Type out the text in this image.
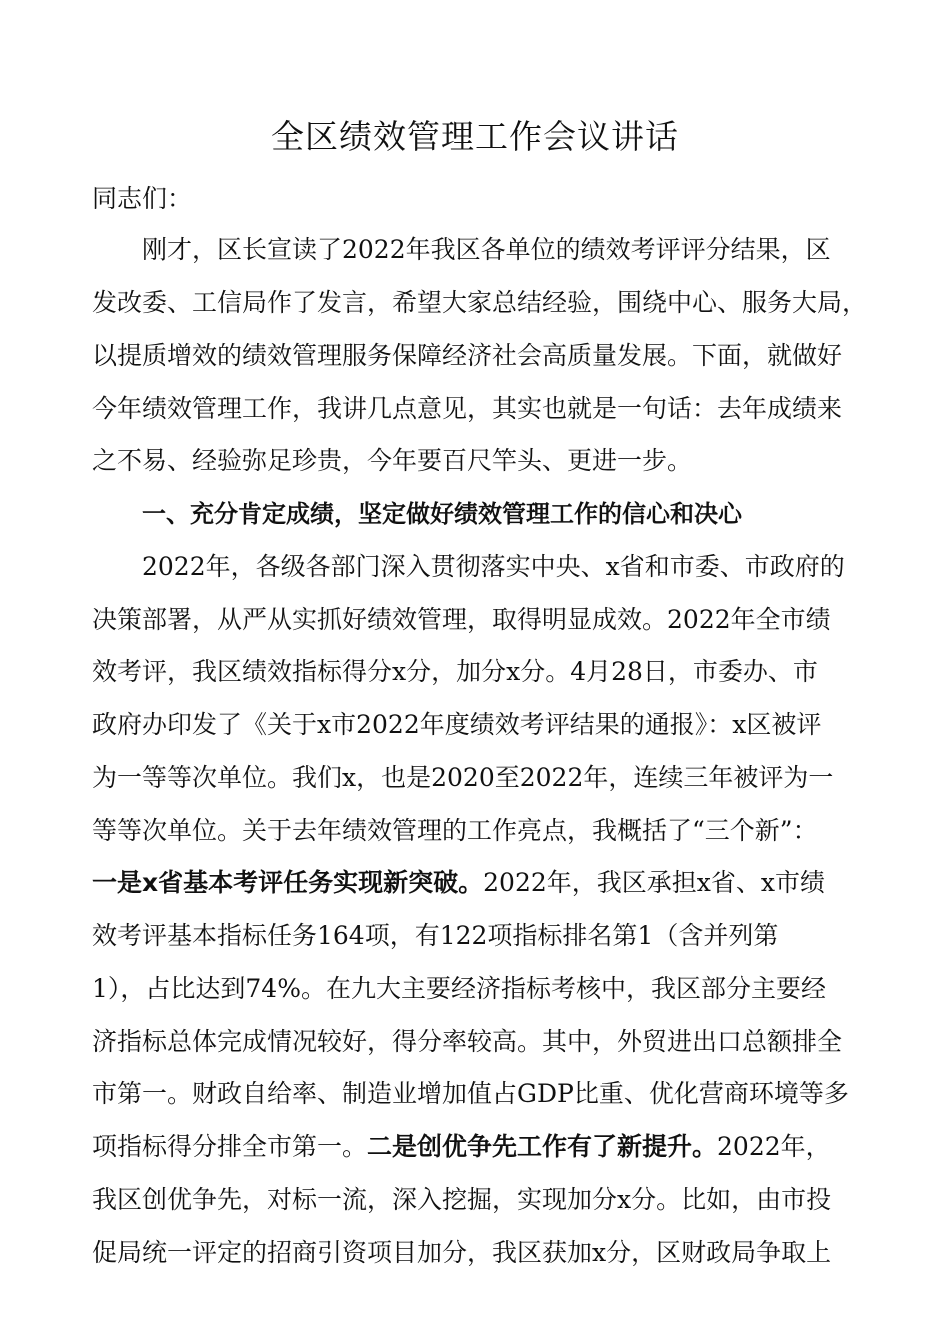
全区绩效管理工作会议讲话
同志们：
刚才，区长宣读了2022年我区各单位的绩效考评评分结果，区
发改委、工信局作了发言，希望大家总结经验，围绕中心、服务大局，
以提质增效的绩效管理服务保障经济社会高质量发展。下面，就做好
今年绩效管理工作，我讲几点意见，其实也就是一句话：去年成绩来
之不易、经验弥足珍贵，今年要百尺竿头、更进一步。
一、充分肯定成绩，坚定做好绩效管理工作的信心和决心
2022年，各级各部门深入贯彻落实中央、x省和市委、市政府的
决策部署，从严从实抓好绩效管理，取得明显成效。2022年全市绩
效考评，我区绩效指标得分x分，加分x分。4月28日，市委办、市
政府办印发了《关于x市2022年度绩效考评结果的通报》：x区被评
为一等等次单位。我们x，也是2020至2022年，连续三年被评为一
等等次单位。关于去年绩效管理的工作亮点，我概括了“三个新”：
一是x省基本考评任务实现新突破。2022年，我区承担x省、x市绩
效考评基本指标任务164项，有122项指标排名第1（含并列第
1），占比达到74%。在九大主要经济指标考核中，我区部分主要经
济指标总体完成情况较好，得分率较高。其中，外贸进出口总额排全
市第一。财政自给率、制造业增加值占GDP比重、优化营商环境等多
项指标得分排全市第一。二是创优争先工作有了新提升。2022年，
我区创优争先，对标一流，深入挖掘，实现加分x分。比如，由市投
促局统一评定的招商引资项目加分，我区获加x分，区财政局争取上
